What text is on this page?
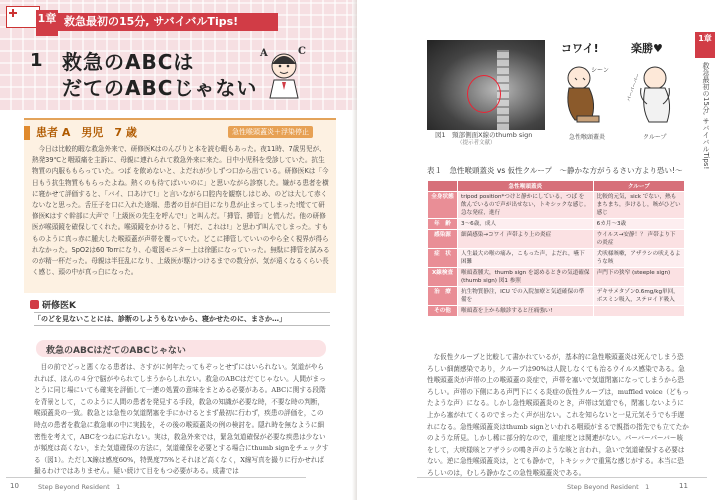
1章 救急最初の15分, サバイバルTips!
1 救急のABCは
だてのABCじゃない
A	C
患者 A　男児　7 歳	急性喉頭蓋炎＋浮染停止
今日は比較的暇な救急外来で、研修医Kはのんびりと本を読む暇もあった。夜11時、7歳男児が、熱発39℃と咽頭痛を主訴に、母親に連れられて救急外来に来た。日中小児科を受診していた。抗生物質の内服ももらっていた。つば を飲めないと、よだれが少しずつ口から出ている。研修医Kは「今日もう抗生物質ももらったよね。熱くのも待てばいいのに」と思いながら診察した。嫌がる患者を横に寝かせて評価すると、「バイ、口あけて!」と言いながら口腔内を観察しはじめ、のどは大して赤くないなと思った。舌圧子を口に入れた途端、患者の目が白目になり息が止まってしまった!慌てて研修医Kはすぐ幹部に大声で「上級医の先生を呼んで!」と叫んだ。「挿管、挿管」と慌んだ。他の研修医が喉頭鏡を確保してくれた。喉頭鏡をかけると、「何だ、これは!」と思わず叫んでしまった。すもものように真っ赤に腫大した喉頭蓋が声帯を覆っていた。どこに挿管していいのやら全く視界が得られなかった。SpO2は60 Torrになり、心電図モニター上は徐脈になっていった。無駄に挿管を試みるのが精一杯だった。母親は半狂乱になり、上級医が駆けつけるまでの数分が、気が遠くなるくらい長く感じ、頭の中が真っ白になった。
研修医K
「のどを見ないことには、診断のしようもないから、寝かせたのに、まさか…」
救急のABCはだてのABCじゃない
目の前でどっと悪くなる患者は、さすがに何年たってもぞっとせずにはいられない。気道がやられれば、ほんの４分で脳がやられてしまうからしれない。救急のABCはだてじゃない。人間がまっとうに同じ場にいても確実を評価して一連の処置の意味をまとめる必要がある。ABCに関する段階を背景として，このように人間の患者を発見する手段，救急の知識が必要な時，不要な時の判断，喉頭蓋炎の一致。救急とは急性の気道閉塞を手にかけるとまず最初に行わず，疾患の評価を，この時点の患者を救急に救急車の中に実践を，その後の喉頭蓋炎の例の検討を。隠れ時を無なように細密性を考えて，ABCをつねに忘れない。実は，救急外来では，緊急気道確保が必要な疾患は少ないが頻度は高くない，また気道確保の方法に，気道確保を必要とする場合にthumb signをチェックする（図1）。ただしX線は感度60%，特異度75%とそれほど高くなく，X線写真を撮りに行かせれば撮るわけではありません。疑い続けて目をもつ必要がある。成書では
10	Step Beyond Resident　1
図1　頸部側面X線のthumb sign
（提示者文献）
コワイ!	楽勝♥
シーン
バーバーバー
急性喉頭蓋炎	クループ
1章
救急最初の15分, サバイバルTips!
表１　急性喉頭蓋炎 vs 仮性クループ　～静かな方がうるさい方より恐い!～
	急性喉頭蓋炎	クループ
全身状態	tripod position*つけと静かにしている，つば を飲んでいるので声が出せない，トキシックな感じ。急な発症，進行	比較的元気，sick でない，熱もまちまち，歩けるし，咳がひどい感じ
年　齢	3〜6歳，成人	6カ月〜3歳
感染源	細菌感染→コワイ 声帯より上の炎症	ウイルス→安静！？ 声帯より下の炎症
症　状	人生最大の喉の痛み，こもった声，よだれ，嚥下困難	犬吠様咳嗽，アザラシの吠えるような咳
X線検査	喉頭蓋腫大，thumb sign を認めるときの気道確保 (thumb sign) 図1 参照	声門下の狭窄 (steeple sign)
治　療	抗生物質静注，ICU での入院加療と気道確保の準備を	デキサメタゾン0.6mg/kg単回，ボスミン吸入，ステロイド吸入
その他	喉頭蓋を上から触診すると圧痛強い!	
な仮性クループと比較して書かれているが，基本的に急性喉頭蓋炎は死んでしまう恐ろしい細菌感染であり，クループは90%は人院しなくても治るウイルス感染である。急性喉頭蓋炎が声帯の上の喉頭蓋の炎症で，声帯を塞いで気道閉塞になってしまうから恐ろしい。声帯の下側にある声門下にくる炎症の仮性クループは，muffled voice（どもったような声）になる。しかし急性喉頭蓋炎のとき，声帯は気道でも，閉塞しないように上から塞がれてくるのでまったく声が出ない。これを知らないと一見元気そうでも手遅れになる。急性喉頭蓋炎はthumb signといわれる咽頭がまるで親指の指先でも立てたかのような所見。しかし稀に部分的なので，重症度とは関連がない。パーバーパーバー咳をして，大吠様咳とアザラシの鳴き声のような咳と言われ，急いで気道確保する必要はない。逆に急性喉頭蓋炎は，とても静かで，トキシックで重篤な感じがする。本当に恐ろしいのは，むしろ静かなこの急性喉頭蓋炎である。
Step Beyond Resident　1	11
